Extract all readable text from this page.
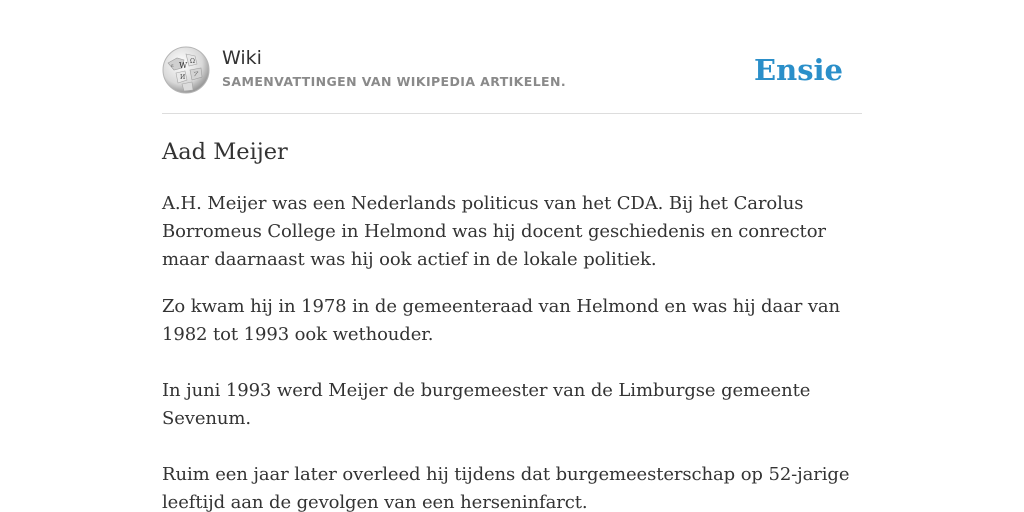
W Ω
И ア
ε	Wiki
SAMENVATTINGEN VAN WIKIPEDIA ARTIKELEN.	Ensie
Aad Meijer

A.H. Meijer was een Nederlands politicus van het CDA. Bij het Carolus Borromeus College in Helmond was hij docent geschiedenis en conrector maar daarnaast was hij ook actief in de lokale politiek.

Zo kwam hij in 1978 in de gemeenteraad van Helmond en was hij daar van 1982 tot 1993 ook wethouder.

In juni 1993 werd Meijer de burgemeester van de Limburgse gemeente Sevenum.

Ruim een jaar later overleed hij tijdens dat burgemeesterschap op 52-jarige leeftijd aan de gevolgen van een herseninfarct.
